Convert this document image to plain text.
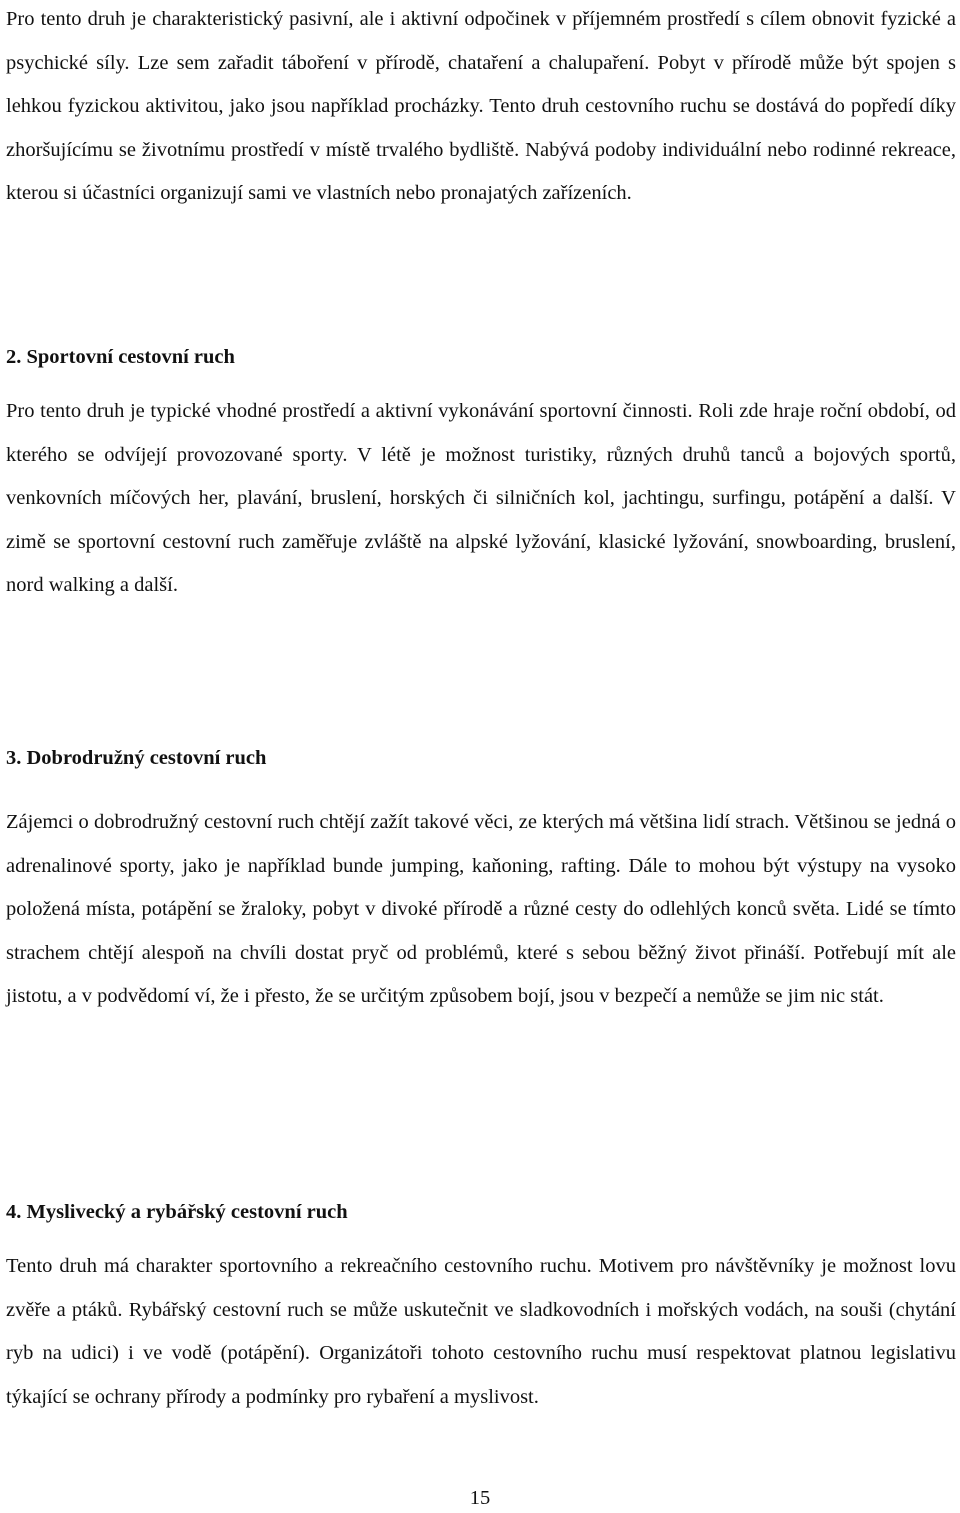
Pro tento druh je charakteristický pasivní, ale i aktivní odpočinek v příjemném prostředí s cílem obnovit fyzické a psychické síly. Lze sem zařadit táboření v přírodě, chataření a chalupaření. Pobyt v přírodě může být spojen s lehkou fyzickou aktivitou, jako jsou například procházky. Tento druh cestovního ruchu se dostává do popředí díky zhoršujícímu se životnímu prostředí v místě trvalého bydliště. Nabývá podoby individuální nebo rodinné rekreace, kterou si účastníci organizují sami ve vlastních nebo pronajatých zařízeních.

2. Sportovní cestovní ruch

Pro tento druh je typické vhodné prostředí a aktivní vykonávání sportovní činnosti. Roli zde hraje roční období, od kterého se odvíjejí provozované sporty. V létě je možnost turistiky, různých druhů tanců a bojových sportů, venkovních míčových her, plavání, bruslení, horských či silničních kol, jachtingu, surfingu, potápění a další. V zimě se sportovní cestovní ruch zaměřuje zvláště na alpské lyžování, klasické lyžování, snowboarding, bruslení, nord walking a další.

3. Dobrodružný cestovní ruch

Zájemci o dobrodružný cestovní ruch chtějí zažít takové věci, ze kterých má většina lidí strach. Většinou se jedná o adrenalinové sporty, jako je například bunde jumping, kaňoning, rafting. Dále to mohou být výstupy na vysoko položená místa, potápění se žraloky, pobyt v divoké přírodě a různé cesty do odlehlých konců světa. Lidé se tímto strachem chtějí alespoň na chvíli dostat pryč od problémů, které s sebou běžný život přináší. Potřebují mít ale jistotu, a v podvědomí ví, že i přesto, že se určitým způsobem bojí, jsou v bezpečí a nemůže se jim nic stát.

4. Myslivecký a rybářský cestovní ruch

Tento druh má charakter sportovního a rekreačního cestovního ruchu. Motivem pro návštěvníky je možnost lovu zvěře a ptáků. Rybářský cestovní ruch se může uskutečnit ve sladkovodních i mořských vodách, na souši (chytání ryb na udici) i ve vodě (potápění). Organizátoři tohoto cestovního ruchu musí respektovat platnou legislativu týkající se ochrany přírody a podmínky pro rybaření a myslivost.

15
